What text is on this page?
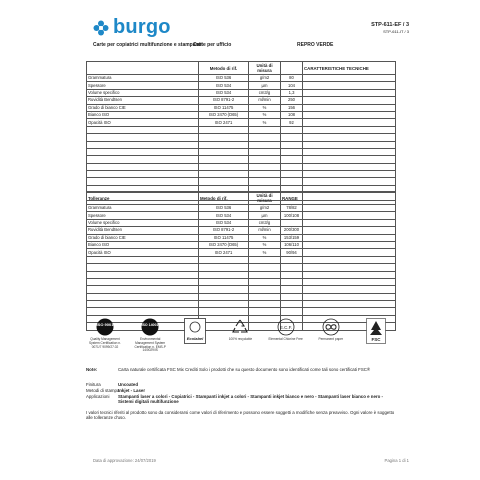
burgo	STP-611-EF / 3
STP-611-IT / 3
Carte per copiatrici multifunzione e stampanti
Carte per ufficio	REPRO VERDE
	Metodo di rif.	Unità di misura		CARATTERISTICHE TECNICHE
Grammatura	ISO 536	g/m2	80	
Spessore	ISO 534	µm	104	
Volume specifico	ISO 534	cm3/g	1,3	
Ruvidità Bendtsen	ISO 8791-2	ml/min	250	
Grado di bianco CIE	ISO 11475	%	156	
Bianco ISO	ISO 2470 (D65)	%	108	
Opacità ISO	ISO 2471	%	92	

Tolleranze	Metodo di rif.	Unità di misura	RANGE	
Grammatura	ISO 536	g/m2	78/82	
Spessore	ISO 534	µm	100/108	
Volume specifico	ISO 534	cm3/g		
Ruvidità Bendtsen	ISO 8791-2	ml/min	200/300	
Grado di bianco CIE	ISO 11475	%	153/159	
Bianco ISO	ISO 2470 (D65)	%	106/110	
Opacità ISO	ISO 2471	%	90/94	

ISO 9001
Quality Management System Certification n. 0071/7 9099/27.02
ISO 14001
Environmental Management System Certification n. EMS-P 14/0029/IS
Ecolabel	100% recyclable
E.C.F.
Elemental Chlorine Free	Permanent paper	FSC
Note:	Carta naturale certificata FSC Mix Crediti Solo i prodotti che su questo documento sono identificati come tali sono certificati FSC®
Finitura	Uncoated
Metodi di stampa
Inkjet - Laser
Applicazioni Stampanti laser a colori - Copiatrici - Stampanti inkjet a colori - Stampanti inkjet bianco e nero - Stampanti laser bianco e nero - Sistemi digitali multifunzione
I valori tecnici riferiti al prodotto sono da considerarsi come valori di riferimento e possono essere soggetti a modifiche senza preavviso. Ogni valore è soggetto alle tolleranze d'uso.
Data di approvazione: 24/07/2019	Pagina 1 di 1
